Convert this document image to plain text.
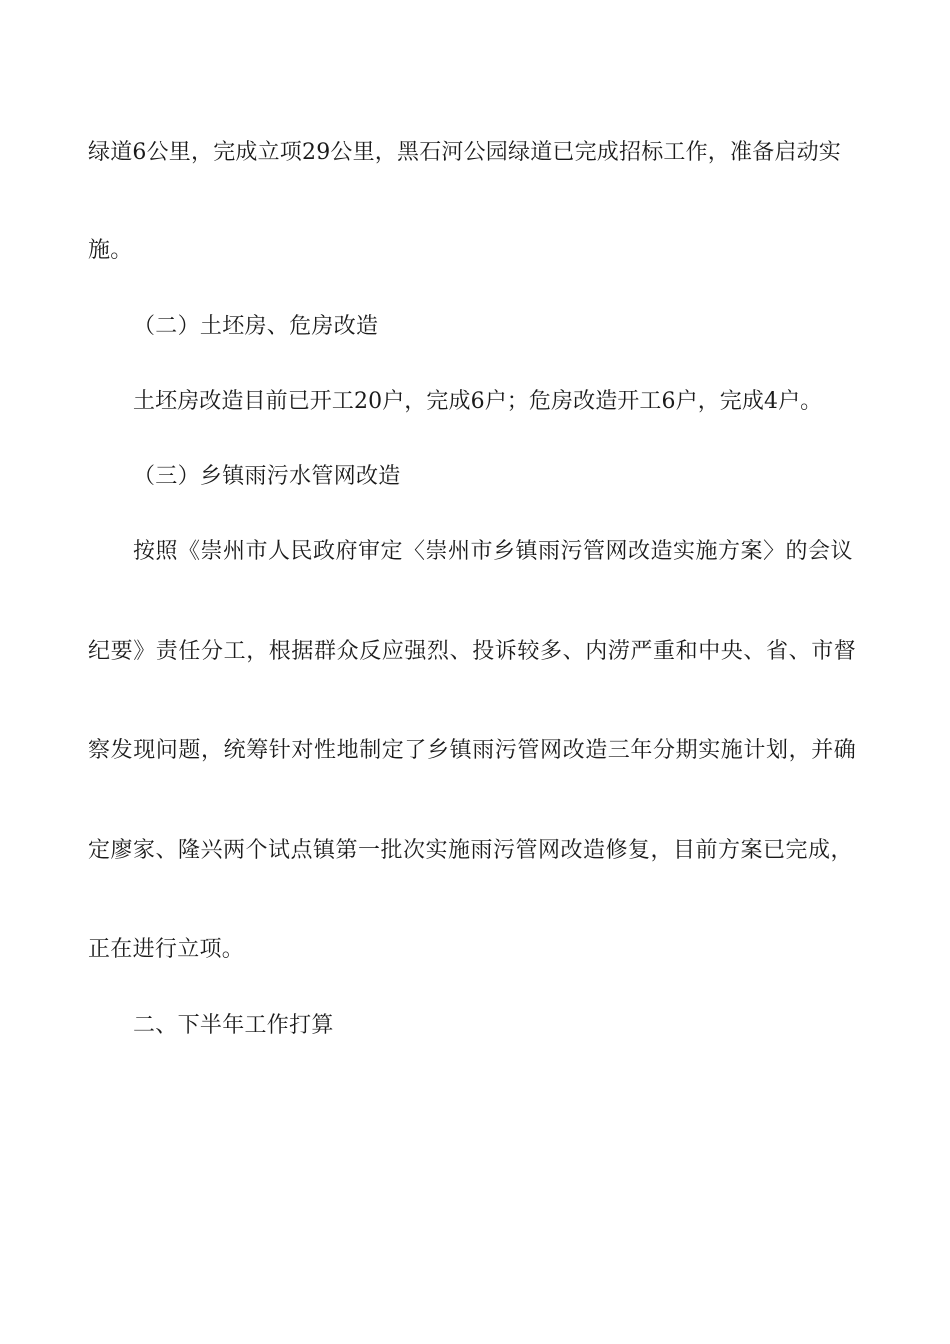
绿道6公里，完成立项29公里，黑石河公园绿道已完成招标工作，准备启动实
施。
（二）土坯房、危房改造
土坯房改造目前已开工20户，完成6户；危房改造开工6户，完成4户。
（三）乡镇雨污水管网改造
按照《崇州市人民政府审定〈崇州市乡镇雨污管网改造实施方案〉的会议
纪要》责任分工，根据群众反应强烈、投诉较多、内涝严重和中央、省、市督
察发现问题，统筹针对性地制定了乡镇雨污管网改造三年分期实施计划，并确
定廖家、隆兴两个试点镇第一批次实施雨污管网改造修复，目前方案已完成，
正在进行立项。
二、下半年工作打算
